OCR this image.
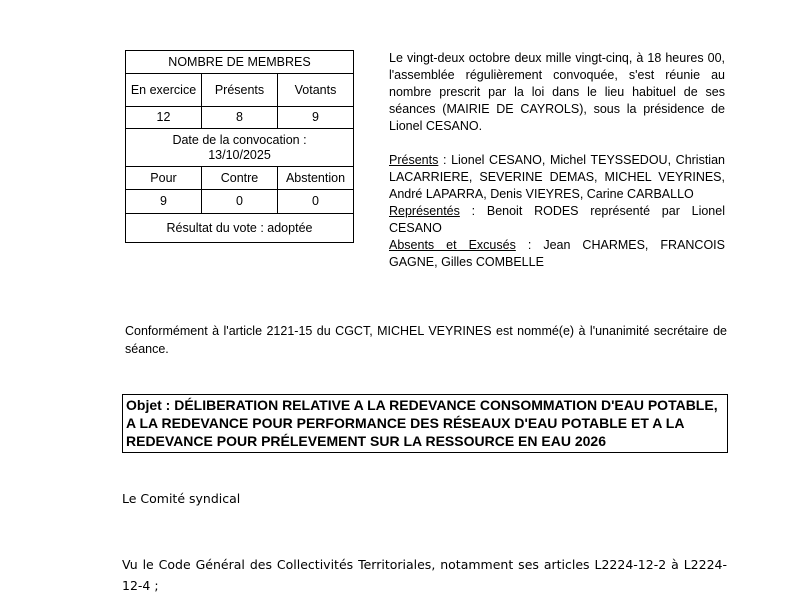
NOMBRE DE MEMBRES		
En exercice	Présents	Votants
12	8	9
Date de la convocation :
13/10/2025		
Pour	Contre	Abstention
9	0	0
Résultat du vote : adoptée		

Le vingt-deux octobre deux mille vingt-cinq, à 18 heures 00, l'assemblée régulièrement convoquée, s'est réunie au nombre prescrit par la loi dans le lieu habituel de ses séances (MAIRIE DE CAYROLS), sous la présidence de Lionel CESANO.

Présents : Lionel CESANO, Michel TEYSSEDOU, Christian LACARRIERE, SEVERINE DEMAS, MICHEL VEYRINES, André LAPARRA, Denis VIEYRES, Carine CARBALLO

Représentés : Benoit RODES représenté par Lionel CESANO

Absents et Excusés : Jean CHARMES, FRANCOIS GAGNE, Gilles COMBELLE

Conformément à l'article 2121-15 du CGCT, MICHEL VEYRINES est nommé(e) à l'unanimité secrétaire de séance.

Objet : DÉLIBERATION RELATIVE A LA REDEVANCE CONSOMMATION D'EAU POTABLE, A LA REDEVANCE POUR PERFORMANCE DES RÉSEAUX D'EAU POTABLE ET A LA REDEVANCE POUR PRÉLEVEMENT SUR LA RESSOURCE EN EAU 2026

Le Comité syndical

Vu le Code Général des Collectivités Territoriales, notamment ses articles L2224-12-2 à L2224-12-4 ;
